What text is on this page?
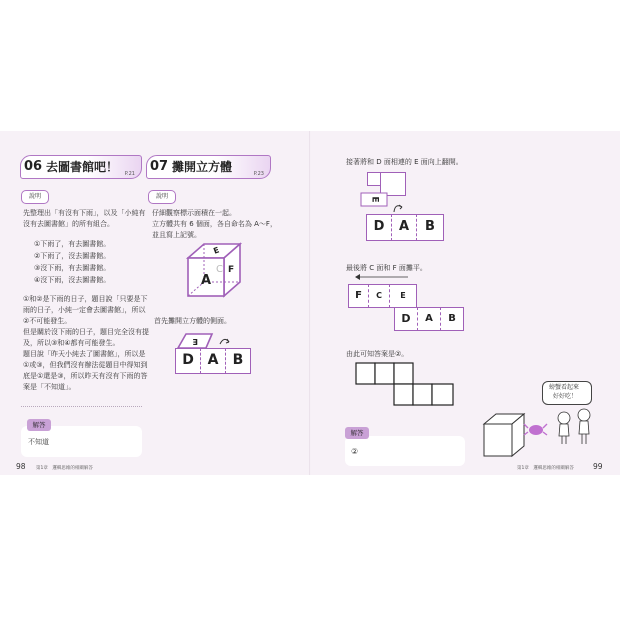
06 去圖書館吧！ P.21
說明
先整理出「有沒有下雨」，以及「小純有
沒有去圖書館」的所有組合。
①下雨了，有去圖書館。
②下雨了，沒去圖書館。
③沒下雨，有去圖書館。
④沒下雨，沒去圖書館。
①和②是下雨的日子，題目說「只要是下
雨的日子，小純一定會去圖書館」，所以
②不可能發生。
但是關於沒下雨的日子，題目完全沒有提
及，所以③和④都有可能發生。
題目說「昨天小純去了圖書館」，所以是
①或③，但我們沒有辦法從題目中得知到
底是①還是③，所以昨天有沒有下雨的答
案是「不知道」。
解答
不知道
98 第1章　邏輯思維的相關解答
07 攤開立方體	P.23
說明
仔細觀察標示面積在一起。
立方體共有 6 個面，各自命名為 A～F，
並且寫上記號。
E
C
A
F
首先攤開立方體的側面。
E
D A	B
接著將和 D 面相連的 E 面向上翻開。
E
D	A	B
最後將 C 面和 F 面攤平。
F	C	E
D	A	B
由此可知答案是②。
解答
②
螃蟹看起來
好好吃！
第1章　邏輯思維的相關解答	99
